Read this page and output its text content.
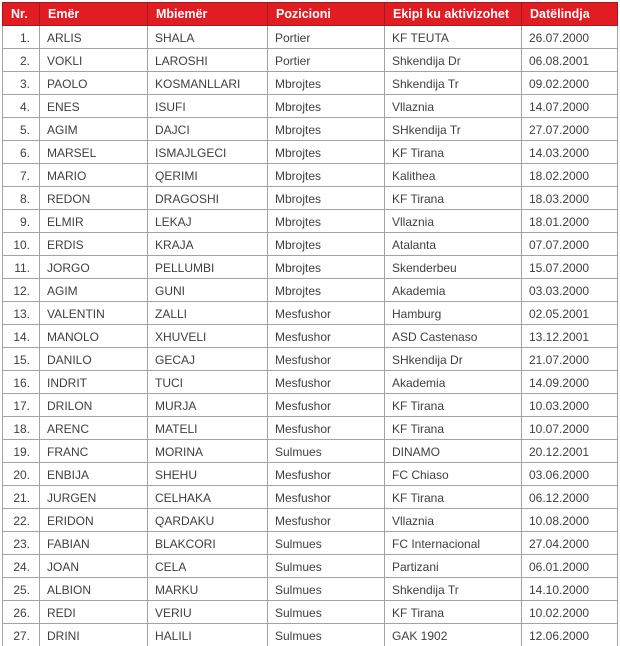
Nr.	Emër	Mbiemër	Pozicioni	Ekipi ku aktivizohet	Datëlindja
1.	ARLIS	SHALA	Portier	KF TEUTA	26.07.2000
2.	VOKLI	LAROSHI	Portier	Shkendija Dr	06.08.2001
3.	PAOLO	KOSMANLLARI	Mbrojtes	Shkendija Tr	09.02.2000
4.	ENES	ISUFI	Mbrojtes	Vllaznia	14.07.2000
5.	AGIM	DAJCI	Mbrojtes	SHkendija Tr	27.07.2000
6.	MARSEL	ISMAJLGECI	Mbrojtes	KF Tirana	14.03.2000
7.	MARIO	QERIMI	Mbrojtes	Kalithea	18.02.2000
8.	REDON	DRAGOSHI	Mbrojtes	KF Tirana	18.03.2000
9.	ELMIR	LEKAJ	Mbrojtes	Vllaznia	18.01.2000
10.	ERDIS	KRAJA	Mbrojtes	Atalanta	07.07.2000
11.	JORGO	PELLUMBI	Mbrojtes	Skenderbeu	15.07.2000
12.	AGIM	GUNI	Mbrojtes	Akademia	03.03.2000
13.	VALENTIN	ZALLI	Mesfushor	Hamburg	02.05.2001
14.	MANOLO	XHUVELI	Mesfushor	ASD Castenaso	13.12.2001
15.	DANILO	GECAJ	Mesfushor	SHkendija Dr	21.07.2000
16.	INDRIT	TUCI	Mesfushor	Akademia	14.09.2000
17.	DRILON	MURJA	Mesfushor	KF Tirana	10.03.2000
18.	ARENC	MATELI	Mesfushor	KF Tirana	10.07.2000
19.	FRANC	MORINA	Sulmues	DINAMO	20.12.2001
20.	ENBIJA	SHEHU	Mesfushor	FC Chiaso	03.06.2000
21.	JURGEN	CELHAKA	Mesfushor	KF Tirana	06.12.2000
22.	ERIDON	QARDAKU	Mesfushor	Vllaznia	10.08.2000
23.	FABIAN	BLAKCORI	Sulmues	FC Internacional	27.04.2000
24.	JOAN	CELA	Sulmues	Partizani	06.01.2000
25.	ALBION	MARKU	Sulmues	Shkendija Tr	14.10.2000
26.	REDI	VERIU	Sulmues	KF Tirana	10.02.2000
27.	DRINI	HALILI	Sulmues	GAK 1902	12.06.2000
